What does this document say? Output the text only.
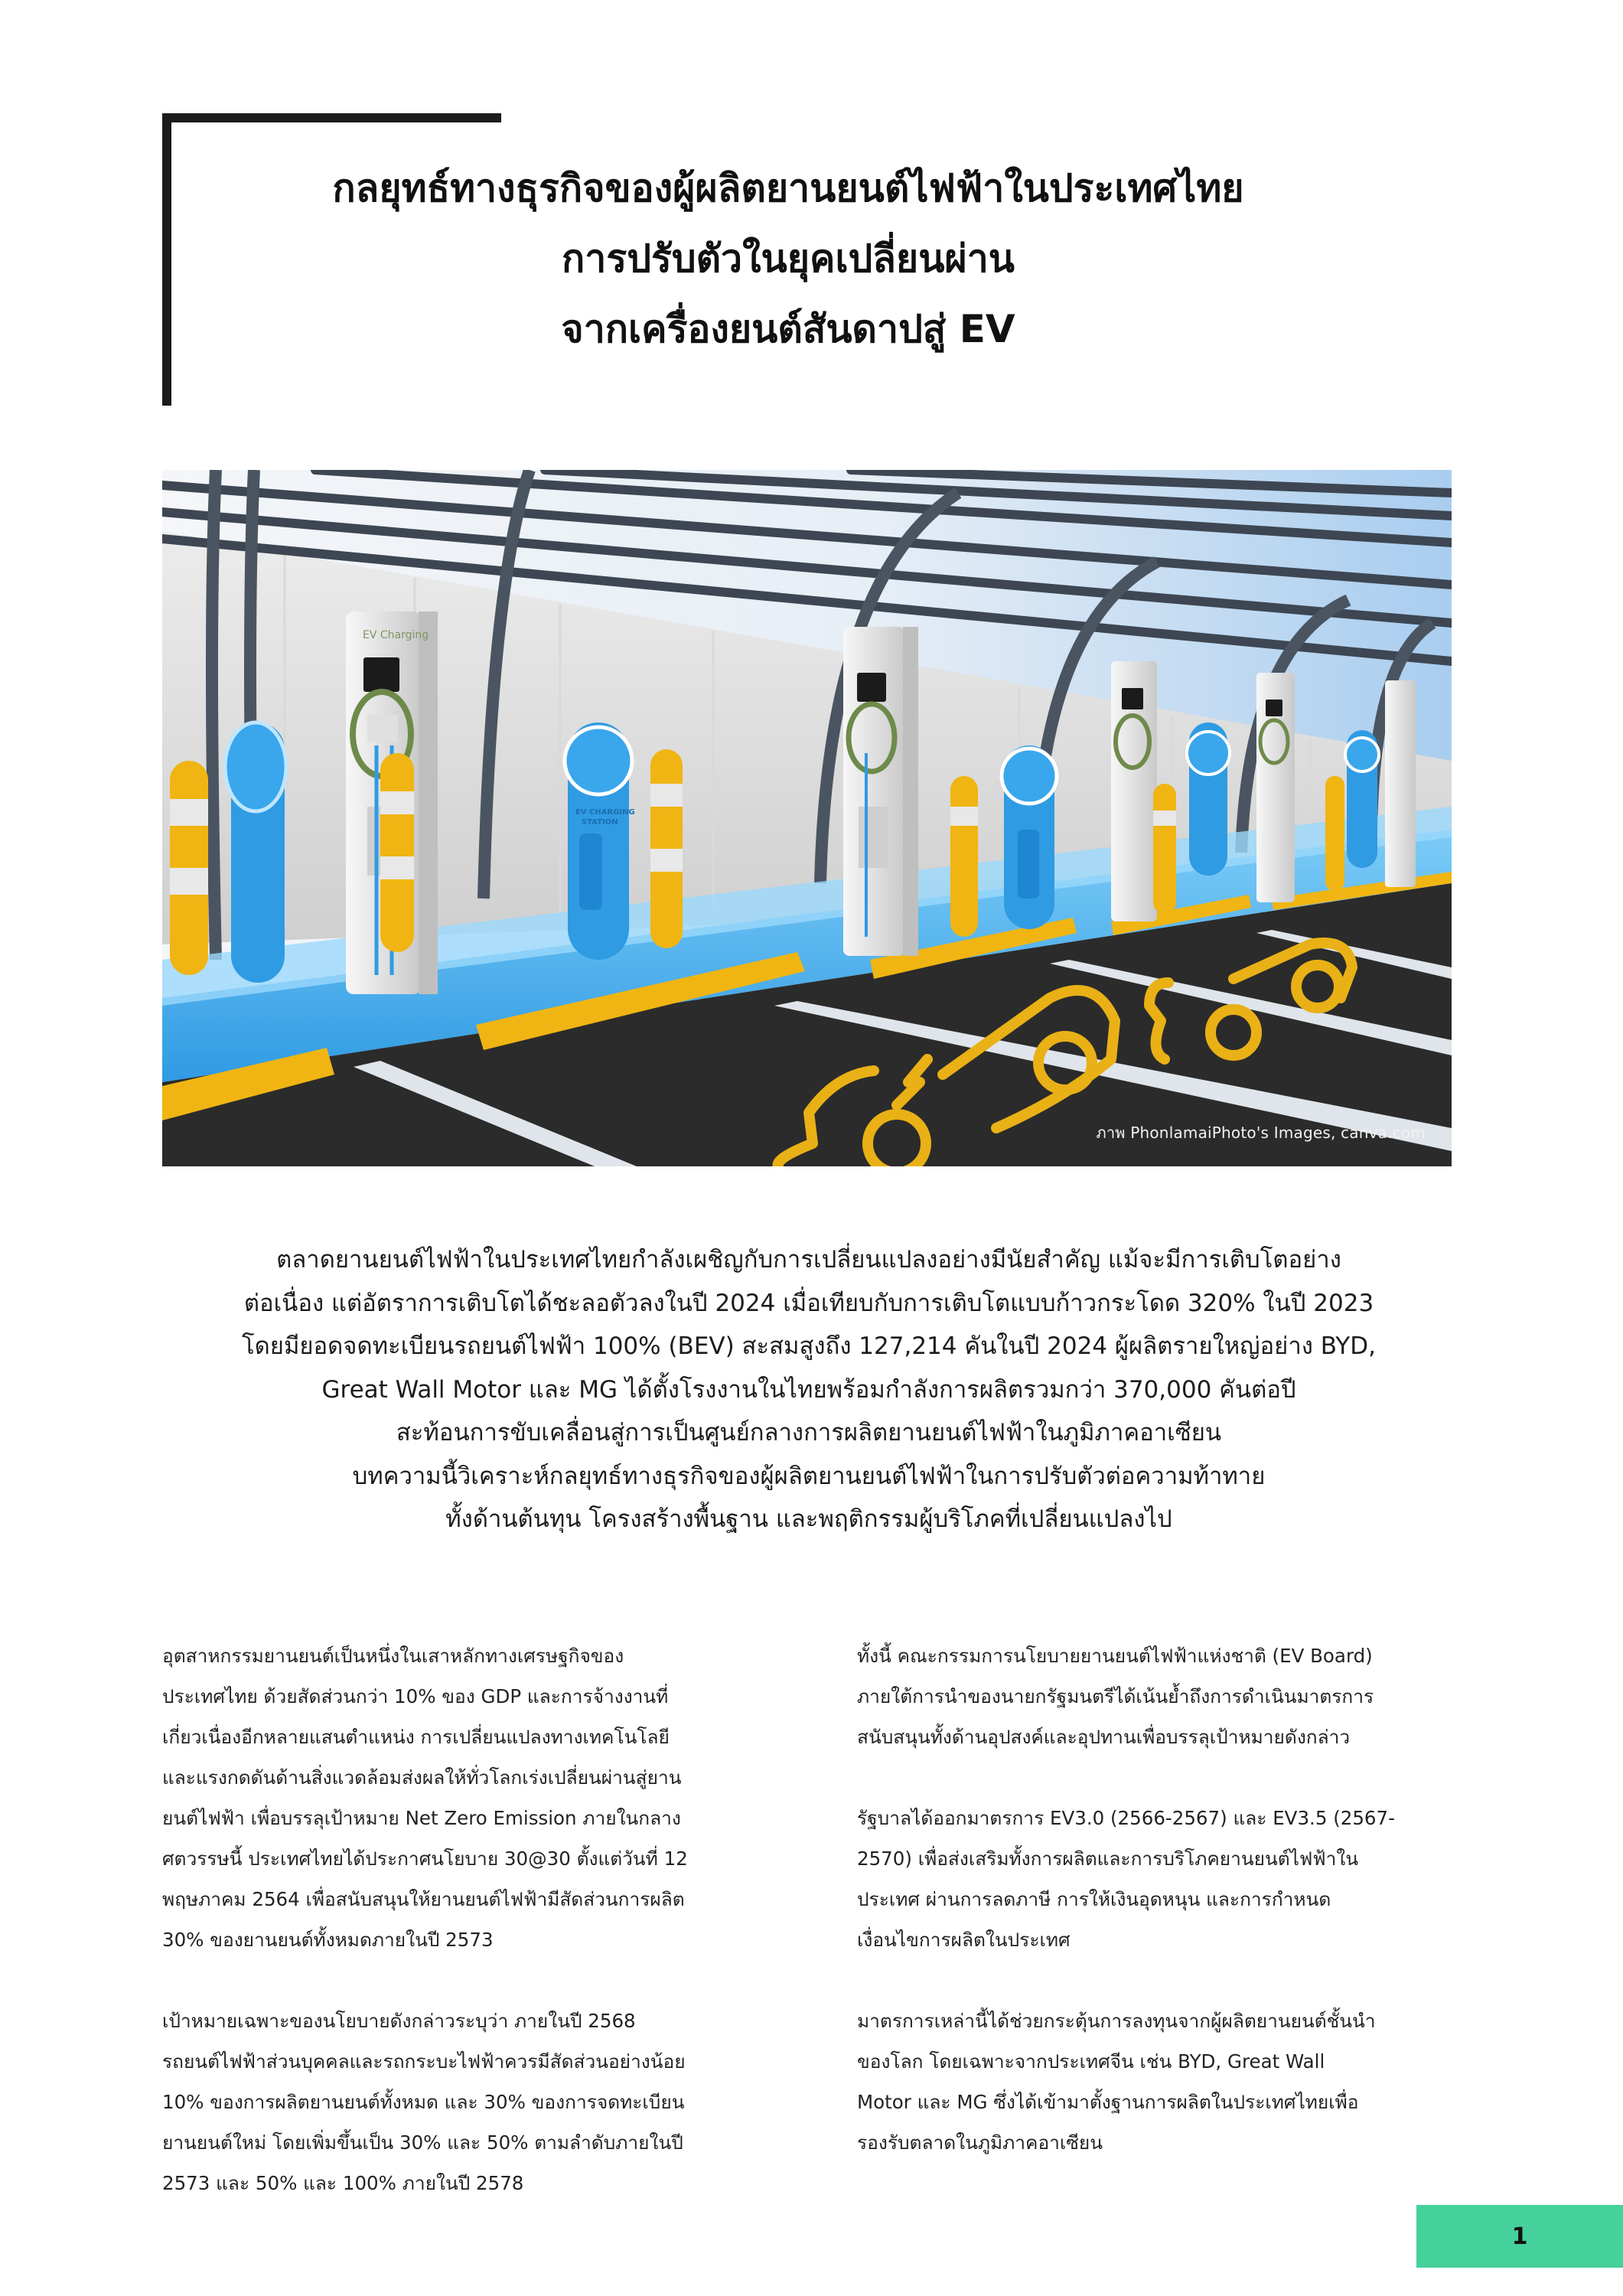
กลยุทธ์ทางธุรกิจของผู้ผลิตยานยนต์ไฟฟ้าในประเทศไทย
การปรับตัวในยุคเปลี่ยนผ่าน
จากเครื่องยนต์สันดาปสู่ EV
EV Charging
EV CHARGING
STATION
ภาพ PhonlamaiPhoto's Images, canva.com
ตลาดยานยนต์ไฟฟ้าในประเทศไทยกำลังเผชิญกับการเปลี่ยนแปลงอย่างมีนัยสำคัญ แม้จะมีการเติบโตอย่าง
ต่อเนื่อง แต่อัตราการเติบโตได้ชะลอตัวลงในปี 2024 เมื่อเทียบกับการเติบโตแบบก้าวกระโดด 320% ในปี 2023
โดยมียอดจดทะเบียนรถยนต์ไฟฟ้า 100% (BEV) สะสมสูงถึง 127,214 คันในปี 2024 ผู้ผลิตรายใหญ่อย่าง BYD,
Great Wall Motor และ MG ได้ตั้งโรงงานในไทยพร้อมกำลังการผลิตรวมกว่า 370,000 คันต่อปี
สะท้อนการขับเคลื่อนสู่การเป็นศูนย์กลางการผลิตยานยนต์ไฟฟ้าในภูมิภาคอาเซียน
บทความนี้วิเคราะห์กลยุทธ์ทางธุรกิจของผู้ผลิตยานยนต์ไฟฟ้าในการปรับตัวต่อความท้าทาย
ทั้งด้านต้นทุน โครงสร้างพื้นฐาน และพฤติกรรมผู้บริโภคที่เปลี่ยนแปลงไป
อุตสาหกรรมยานยนต์เป็นหนึ่งในเสาหลักทางเศรษฐกิจของ
ประเทศไทย ด้วยสัดส่วนกว่า 10% ของ GDP และการจ้างงานที่
เกี่ยวเนื่องอีกหลายแสนตำแหน่ง การเปลี่ยนแปลงทางเทคโนโลยี
และแรงกดดันด้านสิ่งแวดล้อมส่งผลให้ทั่วโลกเร่งเปลี่ยนผ่านสู่ยาน
ยนต์ไฟฟ้า เพื่อบรรลุเป้าหมาย Net Zero Emission ภายในกลาง
ศตวรรษนี้ ประเทศไทยได้ประกาศนโยบาย 30@30 ตั้งแต่วันที่ 12
พฤษภาคม 2564 เพื่อสนับสนุนให้ยานยนต์ไฟฟ้ามีสัดส่วนการผลิต
30% ของยานยนต์ทั้งหมดภายในปี 2573
เป้าหมายเฉพาะของนโยบายดังกล่าวระบุว่า ภายในปี 2568
รถยนต์ไฟฟ้าส่วนบุคคลและรถกระบะไฟฟ้าควรมีสัดส่วนอย่างน้อย
10% ของการผลิตยานยนต์ทั้งหมด และ 30% ของการจดทะเบียน
ยานยนต์ใหม่ โดยเพิ่มขึ้นเป็น 30% และ 50% ตามลำดับภายในปี
2573 และ 50% และ 100% ภายในปี 2578
ทั้งนี้ คณะกรรมการนโยบายยานยนต์ไฟฟ้าแห่งชาติ (EV Board)
ภายใต้การนำของนายกรัฐมนตรีได้เน้นย้ำถึงการดำเนินมาตรการ
สนับสนุนทั้งด้านอุปสงค์และอุปทานเพื่อบรรลุเป้าหมายดังกล่าว
รัฐบาลได้ออกมาตรการ EV3.0 (2566-2567) และ EV3.5 (2567-
2570) เพื่อส่งเสริมทั้งการผลิตและการบริโภคยานยนต์ไฟฟ้าใน
ประเทศ ผ่านการลดภาษี การให้เงินอุดหนุน และการกำหนด
เงื่อนไขการผลิตในประเทศ
มาตรการเหล่านี้ได้ช่วยกระตุ้นการลงทุนจากผู้ผลิตยานยนต์ชั้นนำ
ของโลก โดยเฉพาะจากประเทศจีน เช่น BYD, Great Wall
Motor และ MG ซึ่งได้เข้ามาตั้งฐานการผลิตในประเทศไทยเพื่อ
รองรับตลาดในภูมิภาคอาเซียน
1
